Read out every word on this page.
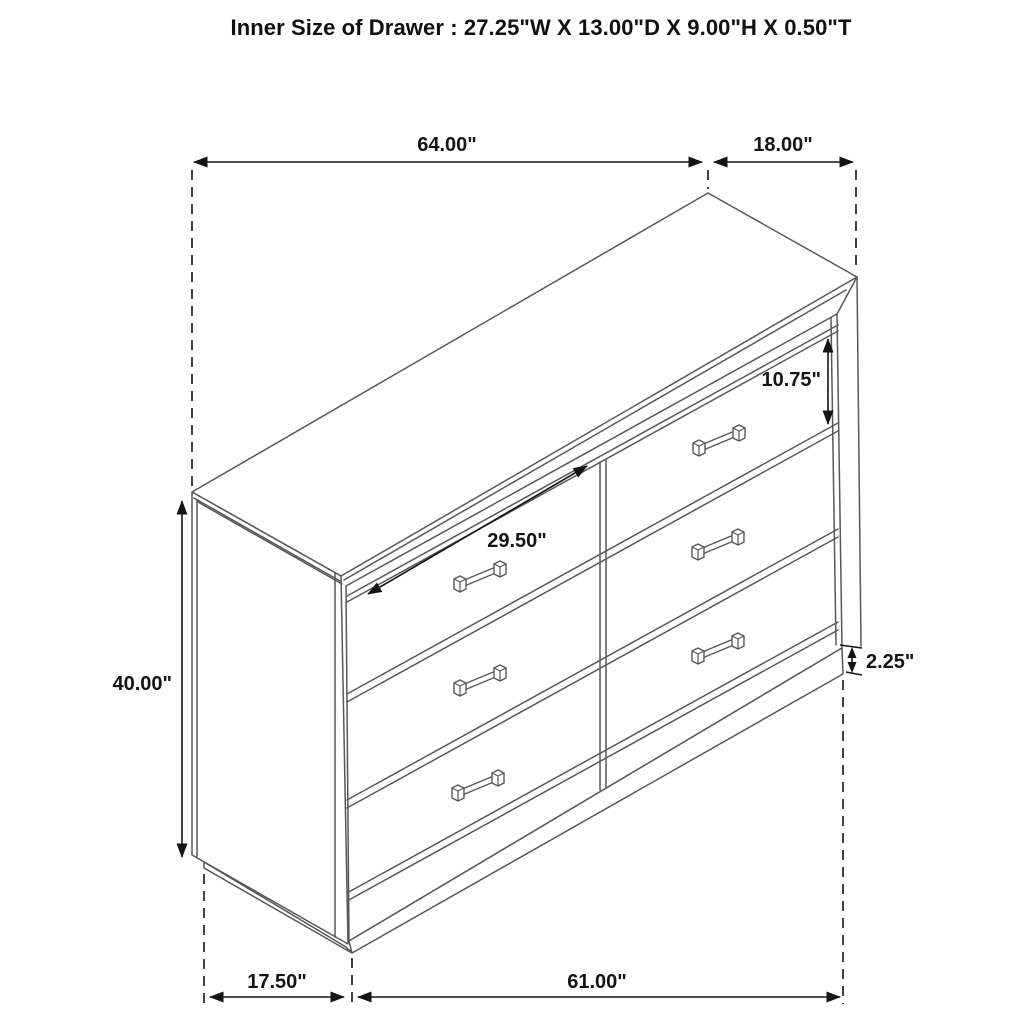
Inner Size of Drawer : 27.25"W X 13.00"D X 9.00"H X 0.50"T
64.00"	18.00"
40.00"
10.75"
29.50"
2.25"
17.50"	61.00"
